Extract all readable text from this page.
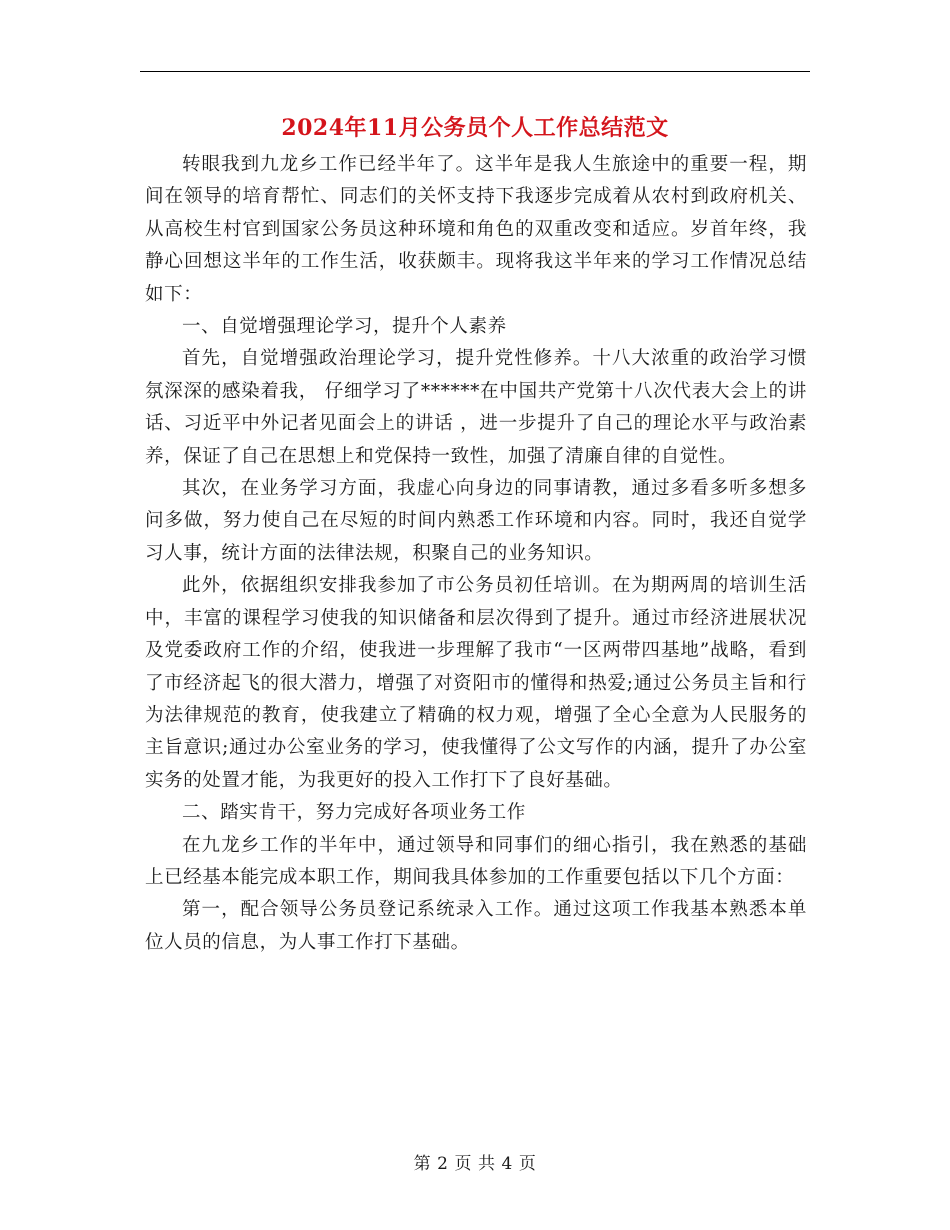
2024年11月公务员个人工作总结范文

转眼我到九龙乡工作已经半年了。这半年是我人生旅途中的重要一程，期间在领导的培育帮忙、同志们的关怀支持下我逐步完成着从农村到政府机关、从高校生村官到国家公务员这种环境和角色的双重改变和适应。岁首年终，我静心回想这半年的工作生活，收获颇丰。现将我这半年来的学习工作情况总结如下：

一、自觉增强理论学习，提升个人素养

首先，自觉增强政治理论学习，提升党性修养。十八大浓重的政治学习惯氛深深的感染着我， 仔细学习了******在中国共产党第十八次代表大会上的讲话、习近平中外记者见面会上的讲话 ，进一步提升了自己的理论水平与政治素养，保证了自己在思想上和党保持一致性，加强了清廉自律的自觉性。

其次，在业务学习方面，我虚心向身边的同事请教，通过多看多听多想多问多做，努力使自己在尽短的时间内熟悉工作环境和内容。同时，我还自觉学习人事，统计方面的法律法规，积聚自己的业务知识。

此外，依据组织安排我参加了市公务员初任培训。在为期两周的培训生活中，丰富的课程学习使我的知识储备和层次得到了提升。通过市经济进展状况及党委政府工作的介绍，使我进一步理解了我市“一区两带四基地”战略，看到了市经济起飞的很大潜力，增强了对资阳市的懂得和热爱;通过公务员主旨和行为法律规范的教育，使我建立了精确的权力观，增强了全心全意为人民服务的主旨意识;通过办公室业务的学习，使我懂得了公文写作的内涵，提升了办公室实务的处置才能，为我更好的投入工作打下了良好基础。

二、踏实肯干，努力完成好各项业务工作

在九龙乡工作的半年中，通过领导和同事们的细心指引，我在熟悉的基础上已经基本能完成本职工作，期间我具体参加的工作重要包括以下几个方面：

第一，配合领导公务员登记系统录入工作。通过这项工作我基本熟悉本单位人员的信息，为人事工作打下基础。

第 2 页 共 4 页
